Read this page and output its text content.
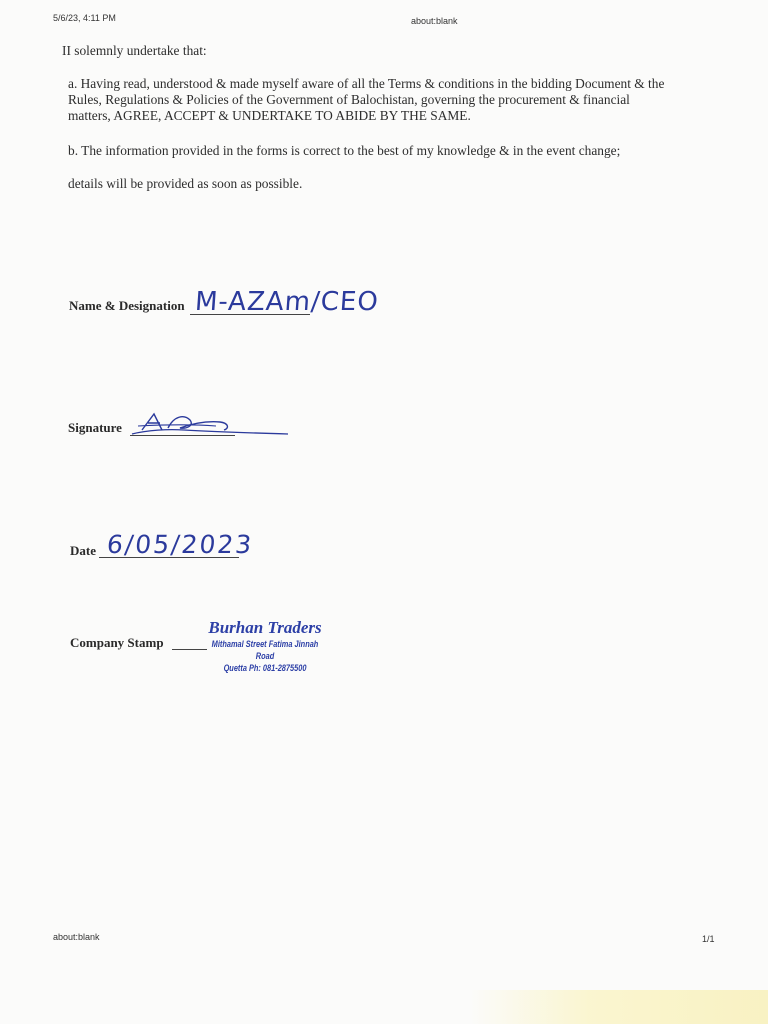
5/6/23, 4:11 PM	about:blank
II solemnly undertake that:
a. Having read, understood & made myself aware of all the Terms & conditions in the bidding Document & the
Rules, Regulations & Policies of the Government of Balochistan, governing the procurement & financial
matters, AGREE, ACCEPT & UNDERTAKE TO ABIDE BY THE SAME.
b. The information provided in the forms is correct to the best of my knowledge & in the event change;
details will be provided as soon as possible.
Name & Designation M-AZAm/CEO
Signature
Date 6/05/2023
Company Stamp
Burhan Traders
Mithamal Street Fatima Jinnah Road
Quetta Ph: 081-2875500
about:blank	1/1
